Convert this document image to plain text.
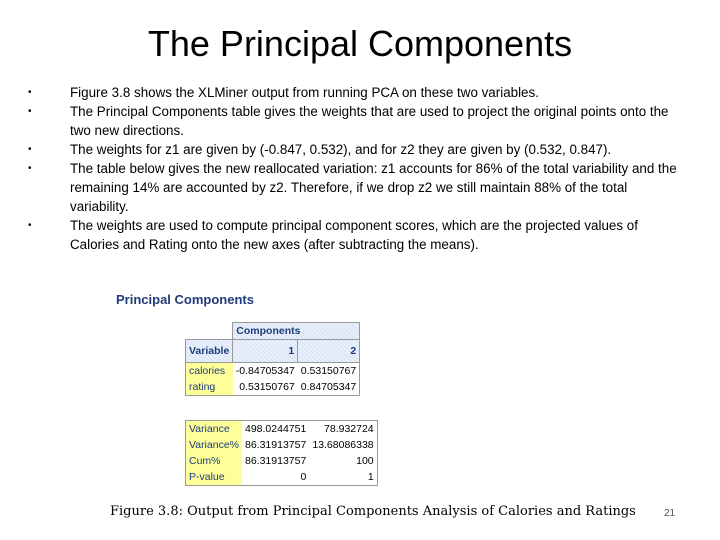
The Principal Components
• Figure 3.8 shows the XLMiner output from running PCA on these two variables.
• The Principal Components table gives the weights that are used to project the original points onto the two new directions.
• The weights for z1 are given by (-0.847, 0.532), and for z2 they are given by (0.532, 0.847).
• The table below gives the new reallocated variation: z1 accounts for 86% of the total variability and the remaining 14% are accounted by z2. Therefore, if we drop z2 we still maintain 88% of the total variability.
• The weights are used to compute principal component scores, which are the projected values of Calories and Rating onto the new axes (after subtracting the means).
Principal Components
	Components	
Variable	1	2
calories	-0.84705347	0.53150767
rating	0.53150767	0.84705347
Variance	498.0244751	78.932724
Variance%	86.31913757	13.68086338
Cum%	86.31913757	100
P-value	0	1
Figure 3.8: Output from Principal Components Analysis of Calories and Ratings	21
